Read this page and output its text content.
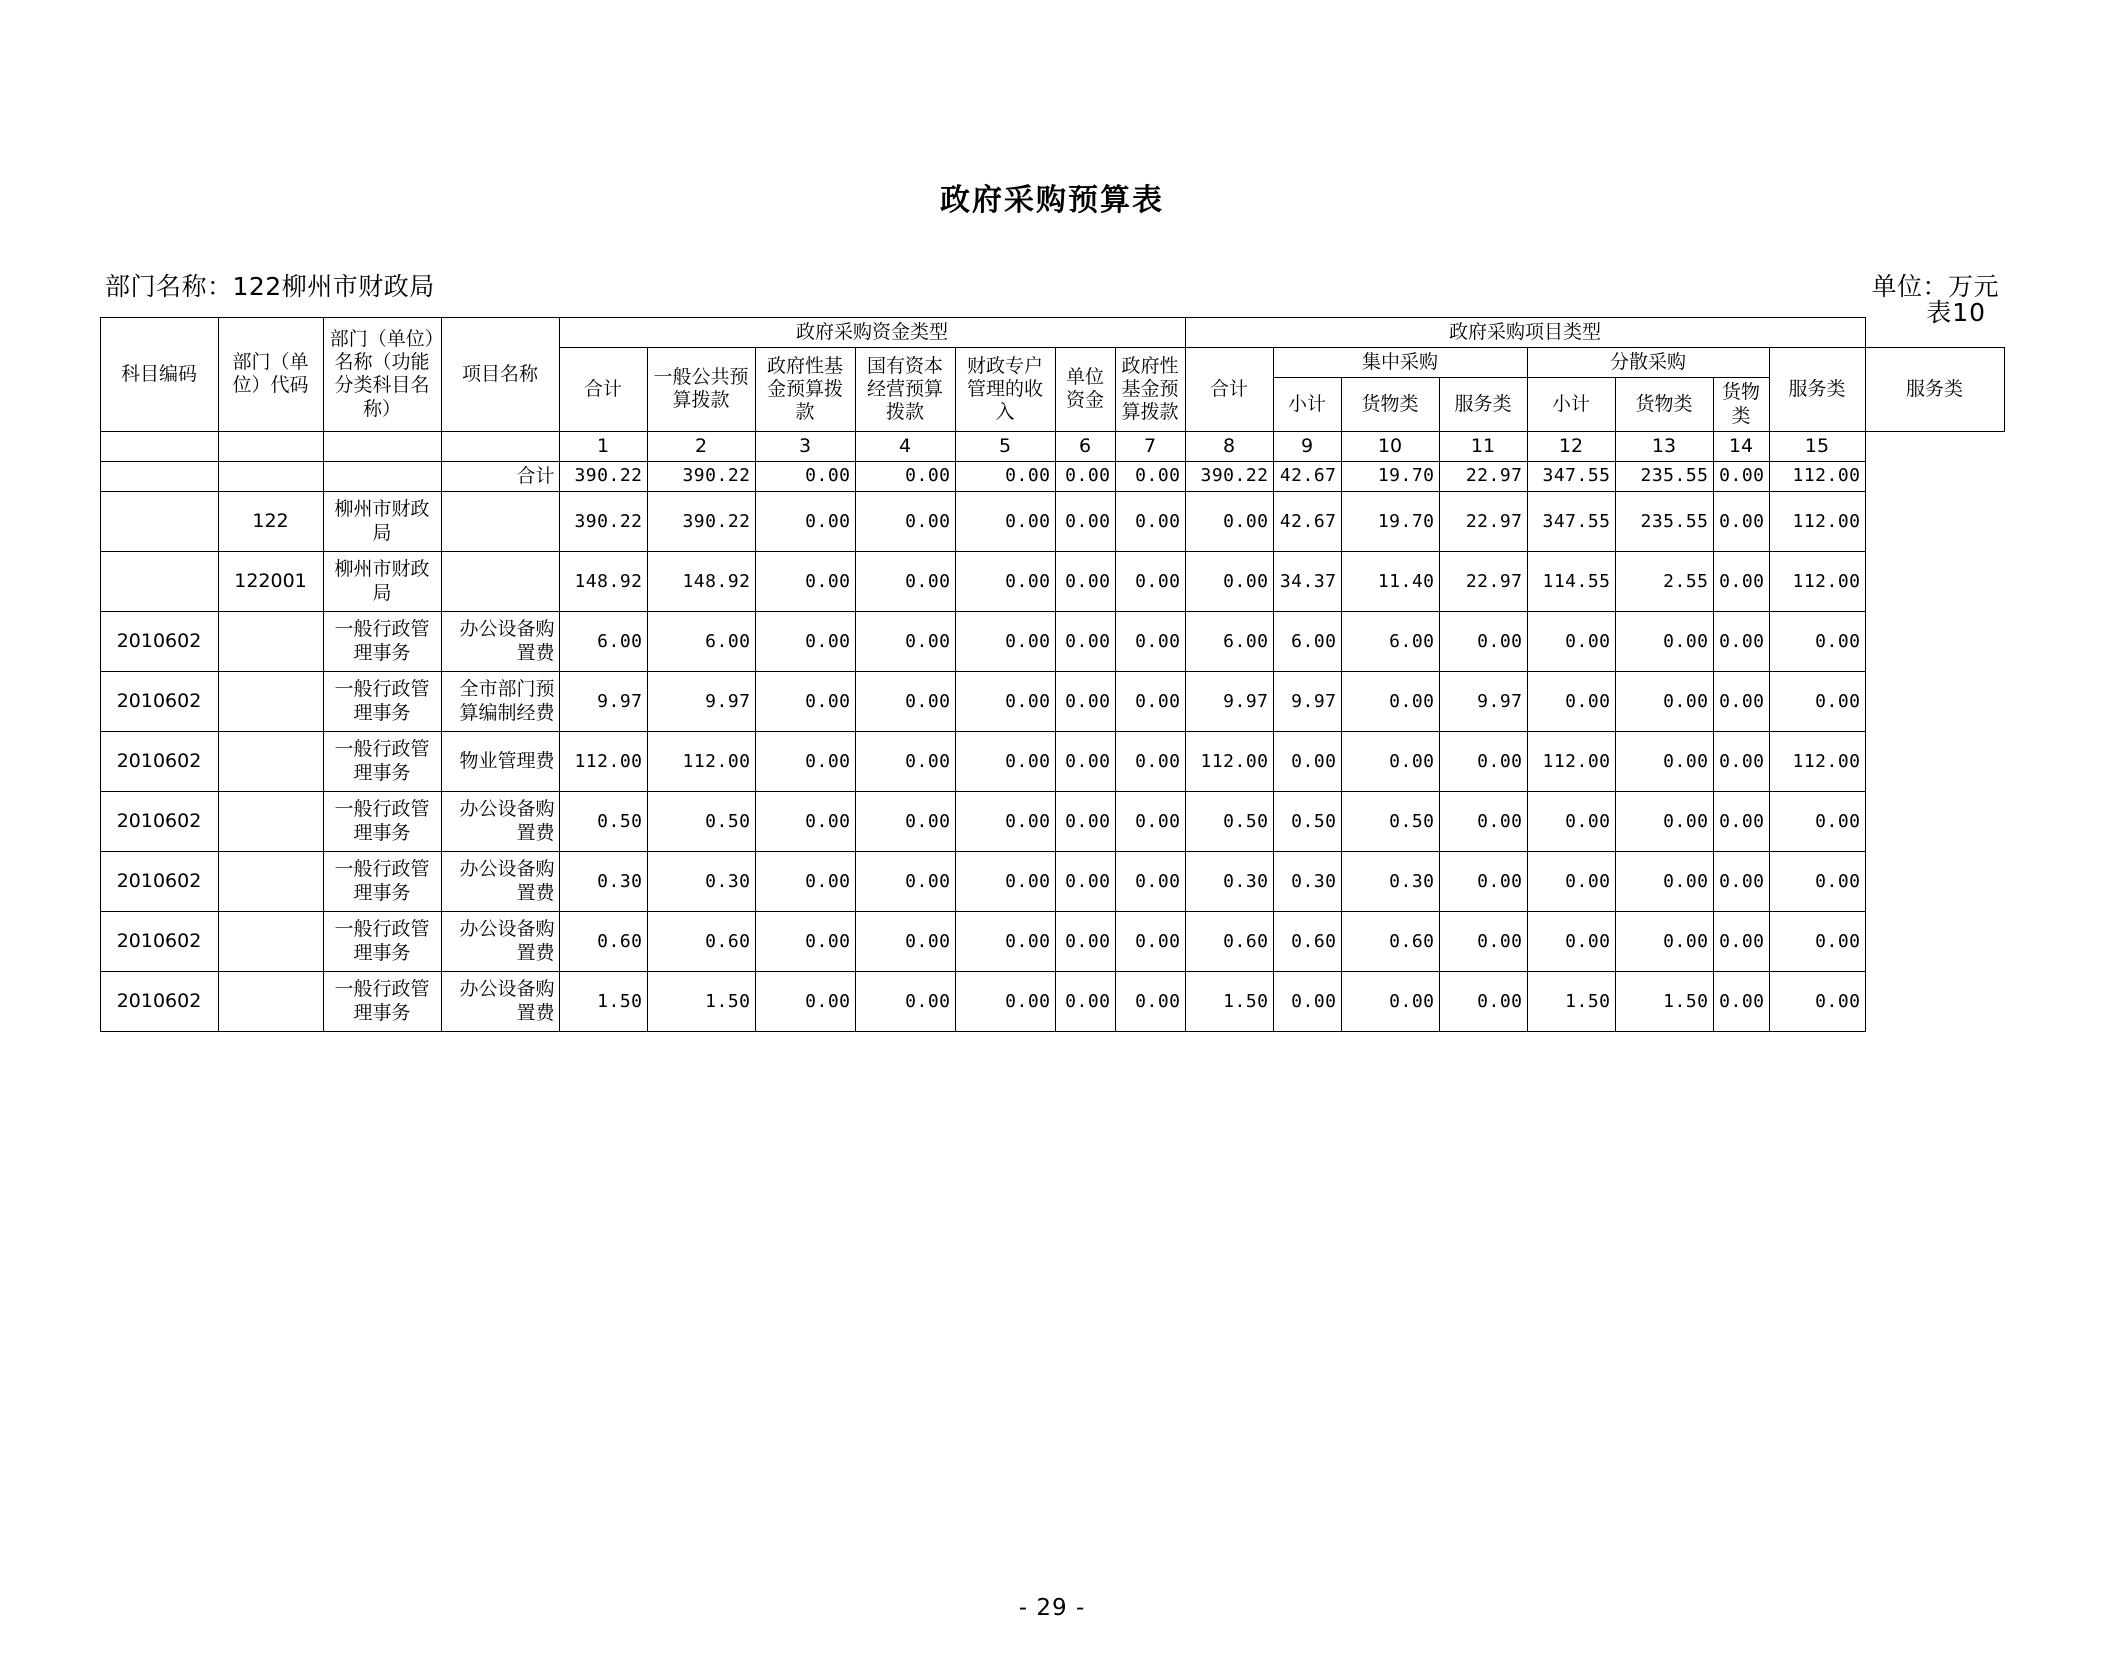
表10
政府采购预算表
部门名称：122柳州市财政局	单位：万元
科目编码	部门（单位）代码	部门（单位）名称（功能分类科目名称）	项目名称	政府采购资金类型							政府采购项目类型								
				合计	一般公共预算拨款	政府性基金预算拨款	国有资本经营预算拨款	财政专户管理的收入	单位资金	政府性基金预算拨款	合计	集中采购			分散采购			服务类	服务类
												小计	货物类	服务类	小计	货物类	货物类		
				1	2	3	4	5	6	7	8	9	10	11	12	13	14	15	
			合计	390.22	390.22	0.00	0.00	0.00	0.00	0.00	390.22	42.67	19.70	22.97	347.55	235.55	0.00	112.00	
	122	柳州市财政局		390.22	390.22	0.00	0.00	0.00	0.00	0.00	0.00	42.67	19.70	22.97	347.55	235.55	0.00	112.00	
	122001	柳州市财政局		148.92	148.92	0.00	0.00	0.00	0.00	0.00	0.00	34.37	11.40	22.97	114.55	2.55	0.00	112.00	
2010602		一般行政管理事务	办公设备购置费	6.00	6.00	0.00	0.00	0.00	0.00	0.00	6.00	6.00	6.00	0.00	0.00	0.00	0.00	0.00	
2010602		一般行政管理事务	全市部门预算编制经费	9.97	9.97	0.00	0.00	0.00	0.00	0.00	9.97	9.97	0.00	9.97	0.00	0.00	0.00	0.00	
2010602		一般行政管理事务	物业管理费	112.00	112.00	0.00	0.00	0.00	0.00	0.00	112.00	0.00	0.00	0.00	112.00	0.00	0.00	112.00	
2010602		一般行政管理事务	办公设备购置费	0.50	0.50	0.00	0.00	0.00	0.00	0.00	0.50	0.50	0.50	0.00	0.00	0.00	0.00	0.00	
2010602		一般行政管理事务	办公设备购置费	0.30	0.30	0.00	0.00	0.00	0.00	0.00	0.30	0.30	0.30	0.00	0.00	0.00	0.00	0.00	
2010602		一般行政管理事务	办公设备购置费	0.60	0.60	0.00	0.00	0.00	0.00	0.00	0.60	0.60	0.60	0.00	0.00	0.00	0.00	0.00	
2010602		一般行政管理事务	办公设备购置费	1.50	1.50	0.00	0.00	0.00	0.00	0.00	1.50	0.00	0.00	0.00	1.50	1.50	0.00	0.00	
- 29 -
